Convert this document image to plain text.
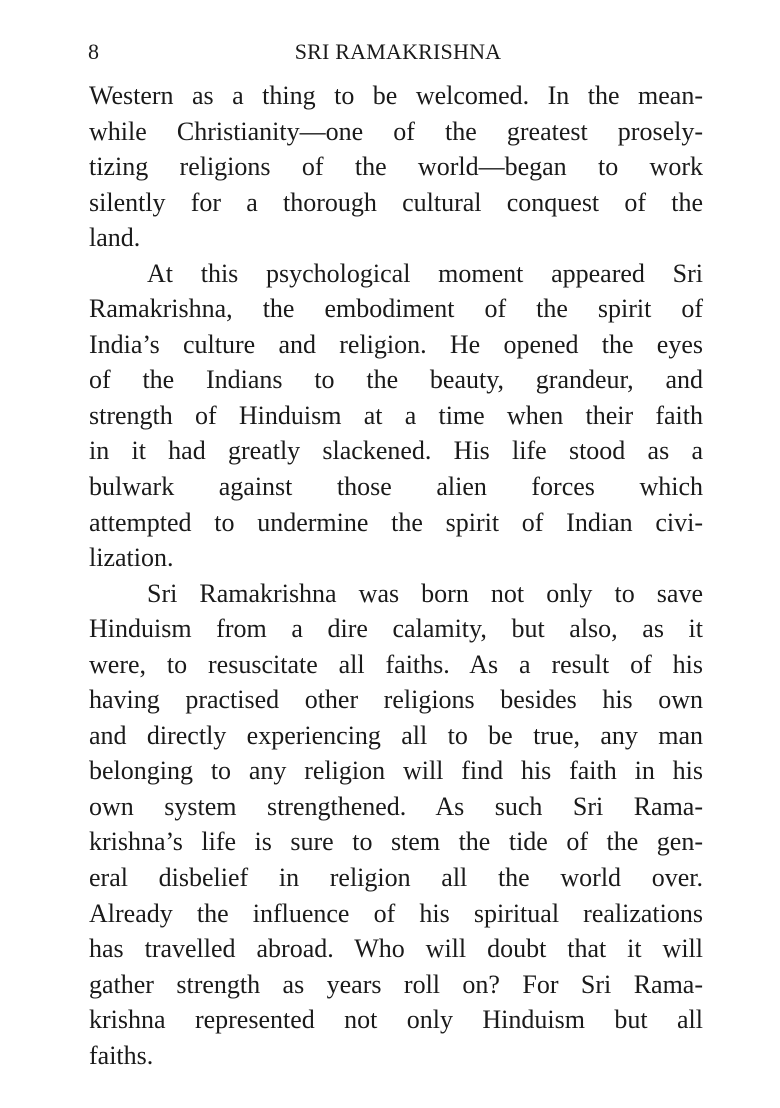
8	SRI RAMAKRISHNA
Western as a thing to be welcomed. In the mean-
while Christianity—one of the greatest prosely-
tizing religions of the world—began to work
silently for a thorough cultural conquest of the
land.
At this psychological moment appeared Sri
Ramakrishna, the embodiment of the spirit of
India’s culture and religion. He opened the eyes
of the Indians to the beauty, grandeur, and
strength of Hinduism at a time when their faith
in it had greatly slackened. His life stood as a
bulwark against those alien forces which
attempted to undermine the spirit of Indian civi-
lization.
Sri Ramakrishna was born not only to save
Hinduism from a dire calamity, but also, as it
were, to resuscitate all faiths. As a result of his
having practised other religions besides his own
and directly experiencing all to be true, any man
belonging to any religion will find his faith in his
own system strengthened. As such Sri Rama-
krishna’s life is sure to stem the tide of the gen-
eral disbelief in religion all the world over.
Already the influence of his spiritual realizations
has travelled abroad. Who will doubt that it will
gather strength as years roll on? For Sri Rama-
krishna represented not only Hinduism but all
faiths.
